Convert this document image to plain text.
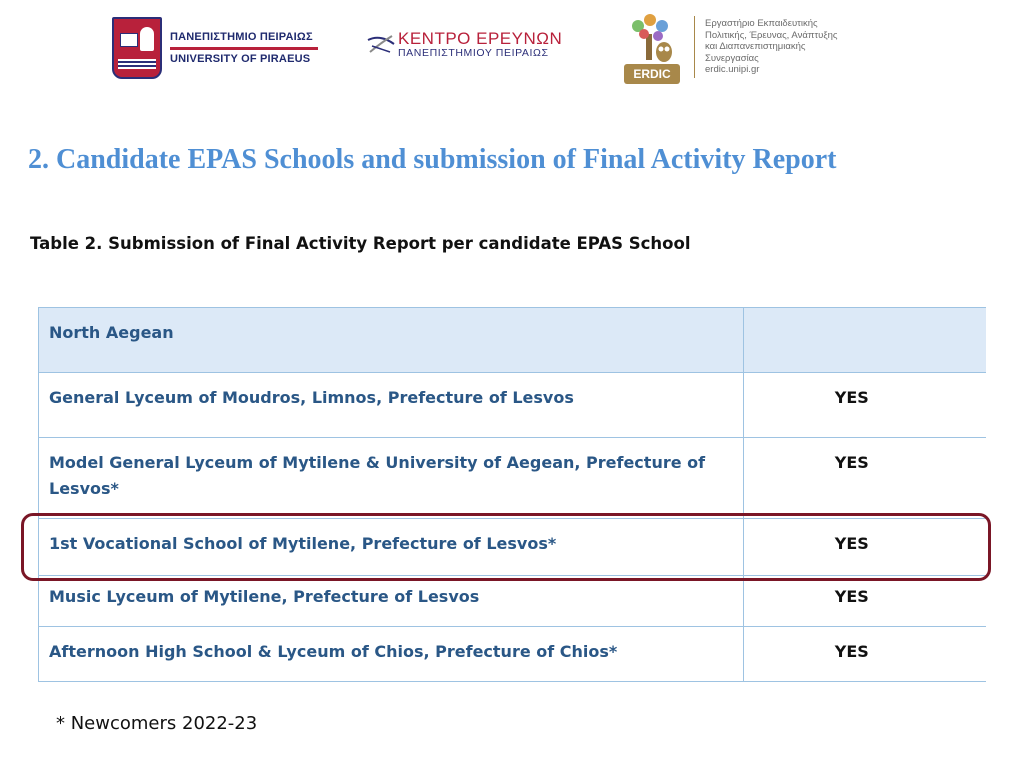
ΠΑΝΕΠΙΣΤΗΜΙΟ ΠΕΙΡΑΙΩΣ
UNIVERSITY OF PIRAEUS
ΚΕΝΤΡΟ ΕΡΕΥΝΩΝ
ΠΑΝΕΠΙΣΤΗΜΙΟΥ ΠΕΙΡΑΙΩΣ
ERDIC
Εργαστήριο Εκπαιδευτικής
Πολιτικής, Έρευνας, Ανάπτυξης
και Διαπανεπιστημιακής
Συνεργασίας
erdic.unipi.gr
2. Candidate EPAS Schools and submission of Final Activity Report

Table 2. Submission of Final Activity Report per candidate EPAS School

North Aegean	
General Lyceum of Moudros, Limnos, Prefecture of Lesvos	YES
Model General Lyceum of Mytilene & University of Aegean, Prefecture of Lesvos*	YES
1st Vocational School of Mytilene, Prefecture of Lesvos*	YES
Music Lyceum of Mytilene, Prefecture of Lesvos	YES
Afternoon High School & Lyceum of Chios, Prefecture of Chios*	YES

* Newcomers 2022-23
